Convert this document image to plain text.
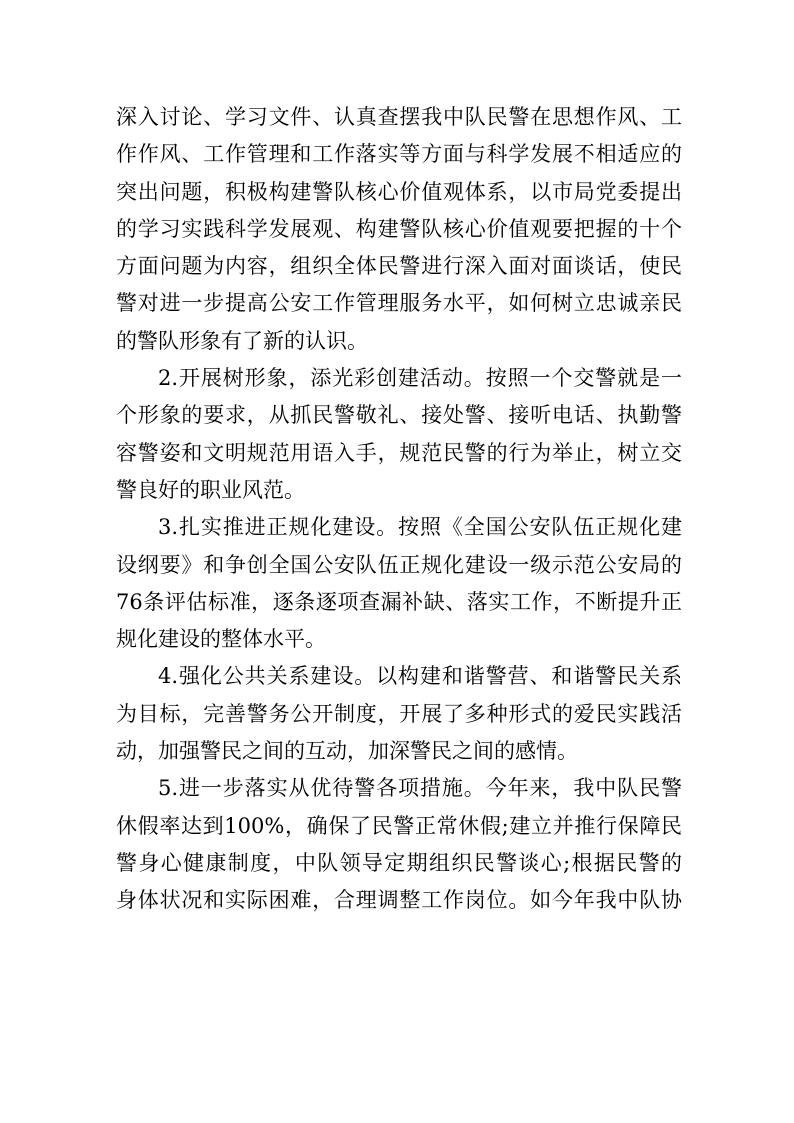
深入讨论、学习文件、认真查摆我中队民警在思想作风、工
作作风、工作管理和工作落实等方面与科学发展不相适应的
突出问题，积极构建警队核心价值观体系，以市局党委提出
的学习实践科学发展观、构建警队核心价值观要把握的十个
方面问题为内容，组织全体民警进行深入面对面谈话，使民
警对进一步提高公安工作管理服务水平，如何树立忠诚亲民
的警队形象有了新的认识。
2.开展树形象，添光彩创建活动。按照一个交警就是一
个形象的要求，从抓民警敬礼、接处警、接听电话、执勤警
容警姿和文明规范用语入手，规范民警的行为举止，树立交
警良好的职业风范。
3.扎实推进正规化建设。按照《全国公安队伍正规化建
设纲要》和争创全国公安队伍正规化建设一级示范公安局的
76条评估标准，逐条逐项查漏补缺、落实工作，不断提升正
规化建设的整体水平。
4.强化公共关系建设。以构建和谐警营、和谐警民关系
为目标，完善警务公开制度，开展了多种形式的爱民实践活
动，加强警民之间的互动，加深警民之间的感情。
5.进一步落实从优待警各项措施。今年来，我中队民警
休假率达到100%，确保了民警正常休假;建立并推行保障民
警身心健康制度，中队领导定期组织民警谈心;根据民警的
身体状况和实际困难，合理调整工作岗位。如今年我中队协
